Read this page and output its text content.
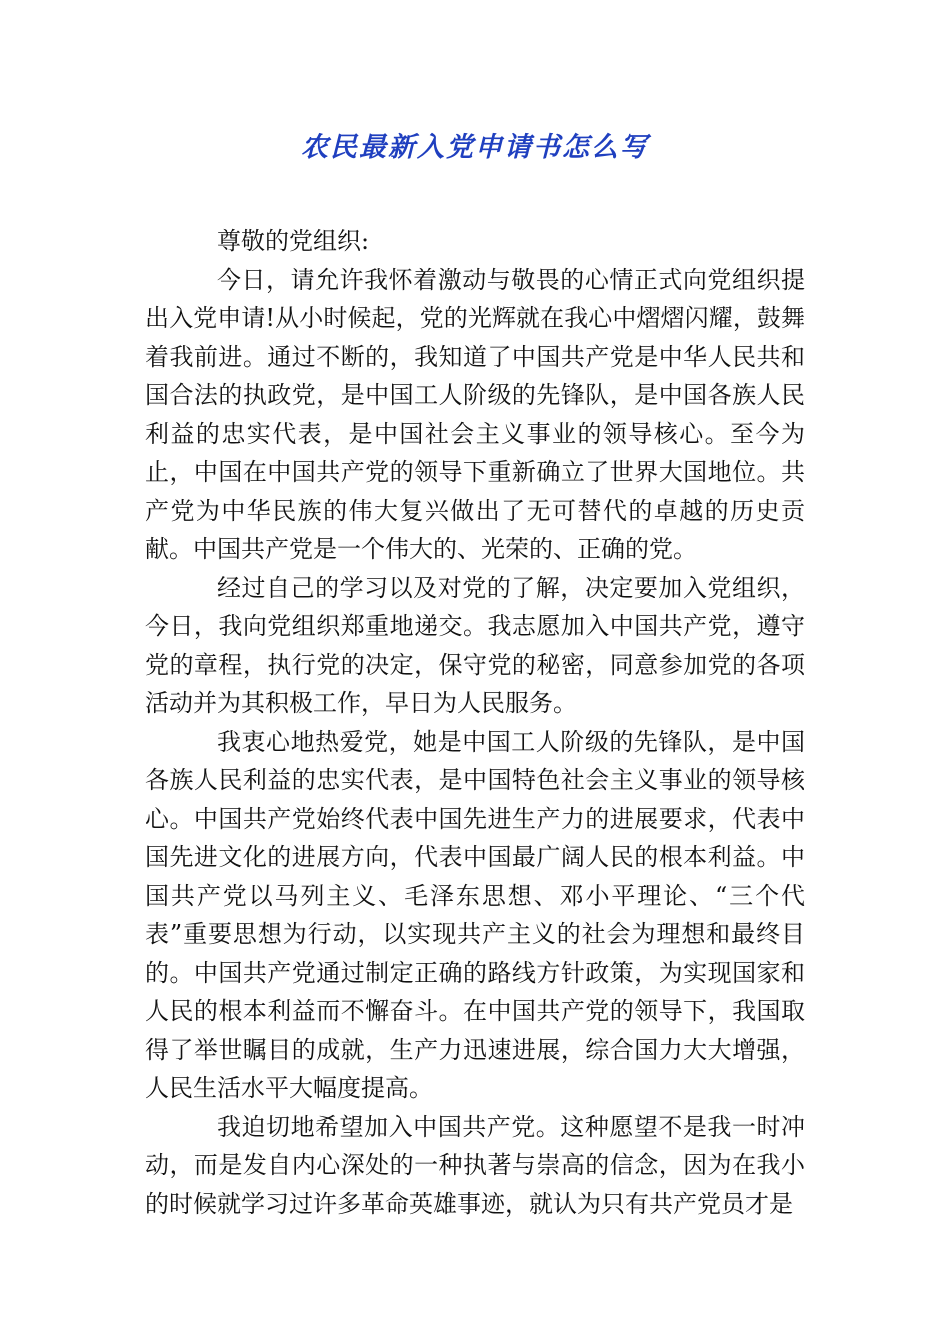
农民最新入党申请书怎么写

尊敬的党组织:

今日，请允许我怀着激动与敬畏的心情正式向党组织提出入党申请!从小时候起，党的光辉就在我心中熠熠闪耀，鼓舞着我前进。通过不断的，我知道了中国共产党是中华人民共和国合法的执政党，是中国工人阶级的先锋队，是中国各族人民利益的忠实代表，是中国社会主义事业的领导核心。至今为止，中国在中国共产党的领导下重新确立了世界大国地位。共产党为中华民族的伟大复兴做出了无可替代的卓越的历史贡献。中国共产党是一个伟大的、光荣的、正确的党。

经过自己的学习以及对党的了解，决定要加入党组织，今日，我向党组织郑重地递交。我志愿加入中国共产党，遵守党的章程，执行党的决定，保守党的秘密，同意参加党的各项活动并为其积极工作，早日为人民服务。

我衷心地热爱党，她是中国工人阶级的先锋队，是中国各族人民利益的忠实代表，是中国特色社会主义事业的领导核心。中国共产党始终代表中国先进生产力的进展要求，代表中国先进文化的进展方向，代表中国最广阔人民的根本利益。中国共产党以马列主义、毛泽东思想、邓小平理论、“三个代表”重要思想为行动，以实现共产主义的社会为理想和最终目的。中国共产党通过制定正确的路线方针政策，为实现国家和人民的根本利益而不懈奋斗。在中国共产党的领导下，我国取得了举世瞩目的成就，生产力迅速进展，综合国力大大增强，人民生活水平大幅度提高。

我迫切地希望加入中国共产党。这种愿望不是我一时冲动，而是发自内心深处的一种执著与崇高的信念，因为在我小的时候就学习过许多革命英雄事迹，就认为只有共产党员才是
